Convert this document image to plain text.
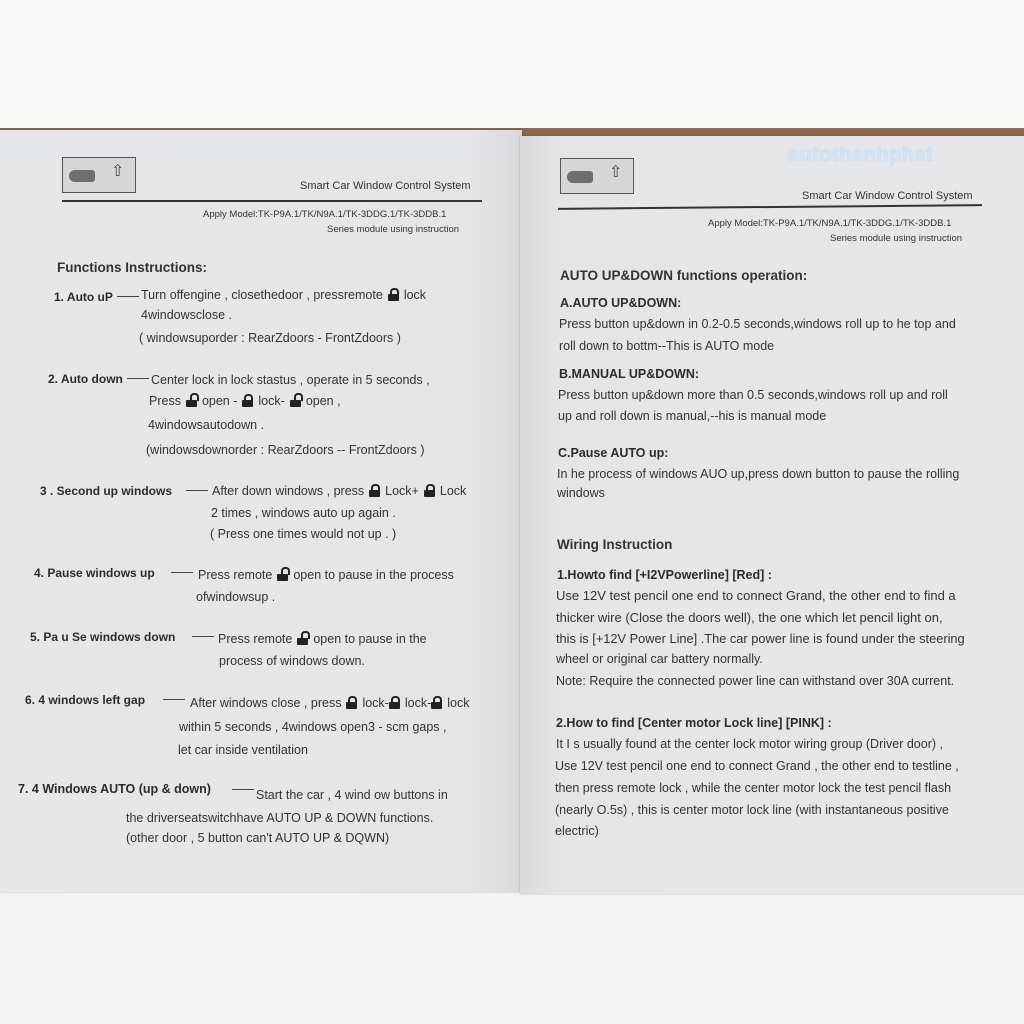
⇧
Smart Car Window Control System
Apply Model:TK-P9A.1/TK/N9A.1/TK-3DDG.1/TK-3DDB.1
Series module using instruction
Functions Instructions:
1. Auto uP Turn offengine , closethedoor , pressremote lock
4windowsclose .
( windowsuporder : RearZdoors - FrontZdoors )
2. Auto down Center lock in lock stastus , operate in 5 seconds ,
Press open - lock- open ,
4windowsautodown .
(windowsdownorder : RearZdoors -- FrontZdoors )
3 . Second up windows	After down windows , press Lock+ Lock
2 times , windows auto up again .
( Press one times would not up . )
4. Pause windows up	Press remote open to pause in the process
ofwindowsup .
5. Pa u Se windows down	Press remote open to pause in the
process of windows down.
6. 4 windows left gap	After windows close , press lock- lock- lock
within 5 seconds , 4windows open3 - scm gaps ,
let car inside ventilation
7. 4 Windows AUTO (up & down)	Start the car , 4 wind ow buttons in
the driverseatswitchhave AUTO UP & DOWN functions.
(other door , 5 button can't AUTO UP & DQWN)
⇧
autothanhphat
Smart Car Window Control System
Apply Model:TK-P9A.1/TK/N9A.1/TK-3DDG.1/TK-3DDB.1
Series module using instruction
AUTO UP&DOWN functions operation:
A.AUTO UP&DOWN:
Press button up&down in 0.2-0.5 seconds,windows roll up to he top and
roll down to bottm--This is AUTO mode
B.MANUAL UP&DOWN:
Press button up&down more than 0.5 seconds,windows roll up and roll
up and roll down is manual,--his is manual mode
C.Pause AUTO up:
In he process of windows AUO up,press down button to pause the rolling
windows
Wiring Instruction
1.Howto find [+I2VPowerline] [Red] :
Use 12V test pencil one end to connect Grand, the other end to find a
thicker wire (Close the doors well), the one which let pencil light on,
this is [+12V Power Line] .The car power line is found under the steering
wheel or original car battery normally.
Note: Require the connected power line can withstand over 30A current.
2.How to find [Center motor Lock line] [PINK] :
It I s usually found at the center lock motor wiring group (Driver door) ,
Use 12V test pencil one end to connect Grand , the other end to testline ,
then press remote lock , while the center motor lock the test pencil flash
(nearly O.5s) , this is center motor lock line (with instantaneous positive
electric)
